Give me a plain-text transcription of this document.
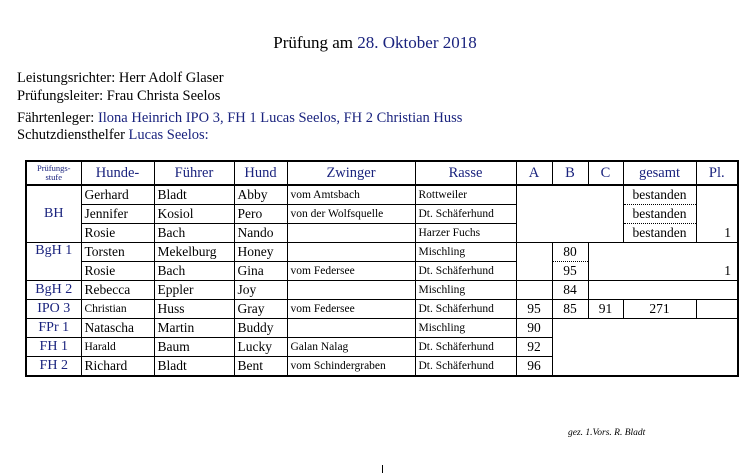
Prüfung am 28. Oktober 2018
Leistungsrichter: Herr Adolf Glaser
Prüfungsleiter: Frau Christa Seelos
Fährtenleger: Ilona Heinrich IPO 3, FH 1 Lucas Seelos, FH 2 Christian Huss
Schutzdiensthelfer Lucas Seelos:
Prüfungs-stufe	Hunde-	Führer	Hund	Zwinger	Rasse	A	B	C	gesamt	Pl.
BH	Gerhard	Bladt	Abby	vom Amtsbach	Rottweiler				bestanden	
	Jennifer	Kosiol	Pero	von der Wolfsquelle	Dt. Schäferhund				bestanden	
	Rosie	Bach	Nando		Harzer Fuchs				bestanden	1
BgH 1	Torsten	Mekelburg	Honey		Mischling		80			
	Rosie	Bach	Gina	vom Federsee	Dt. Schäferhund		95			1
BgH 2	Rebecca	Eppler	Joy		Mischling		84			
IPO 3	Christian	Huss	Gray	vom Federsee	Dt. Schäferhund	95	85	91	271	
FPr 1	Natascha	Martin	Buddy		Mischling	90				
FH 1	Harald	Baum	Lucky	Galan Nalag	Dt. Schäferhund	92				
FH 2	Richard	Bladt	Bent	vom Schindergraben	Dt. Schäferhund	96				
gez. 1.Vors. R. Bladt
